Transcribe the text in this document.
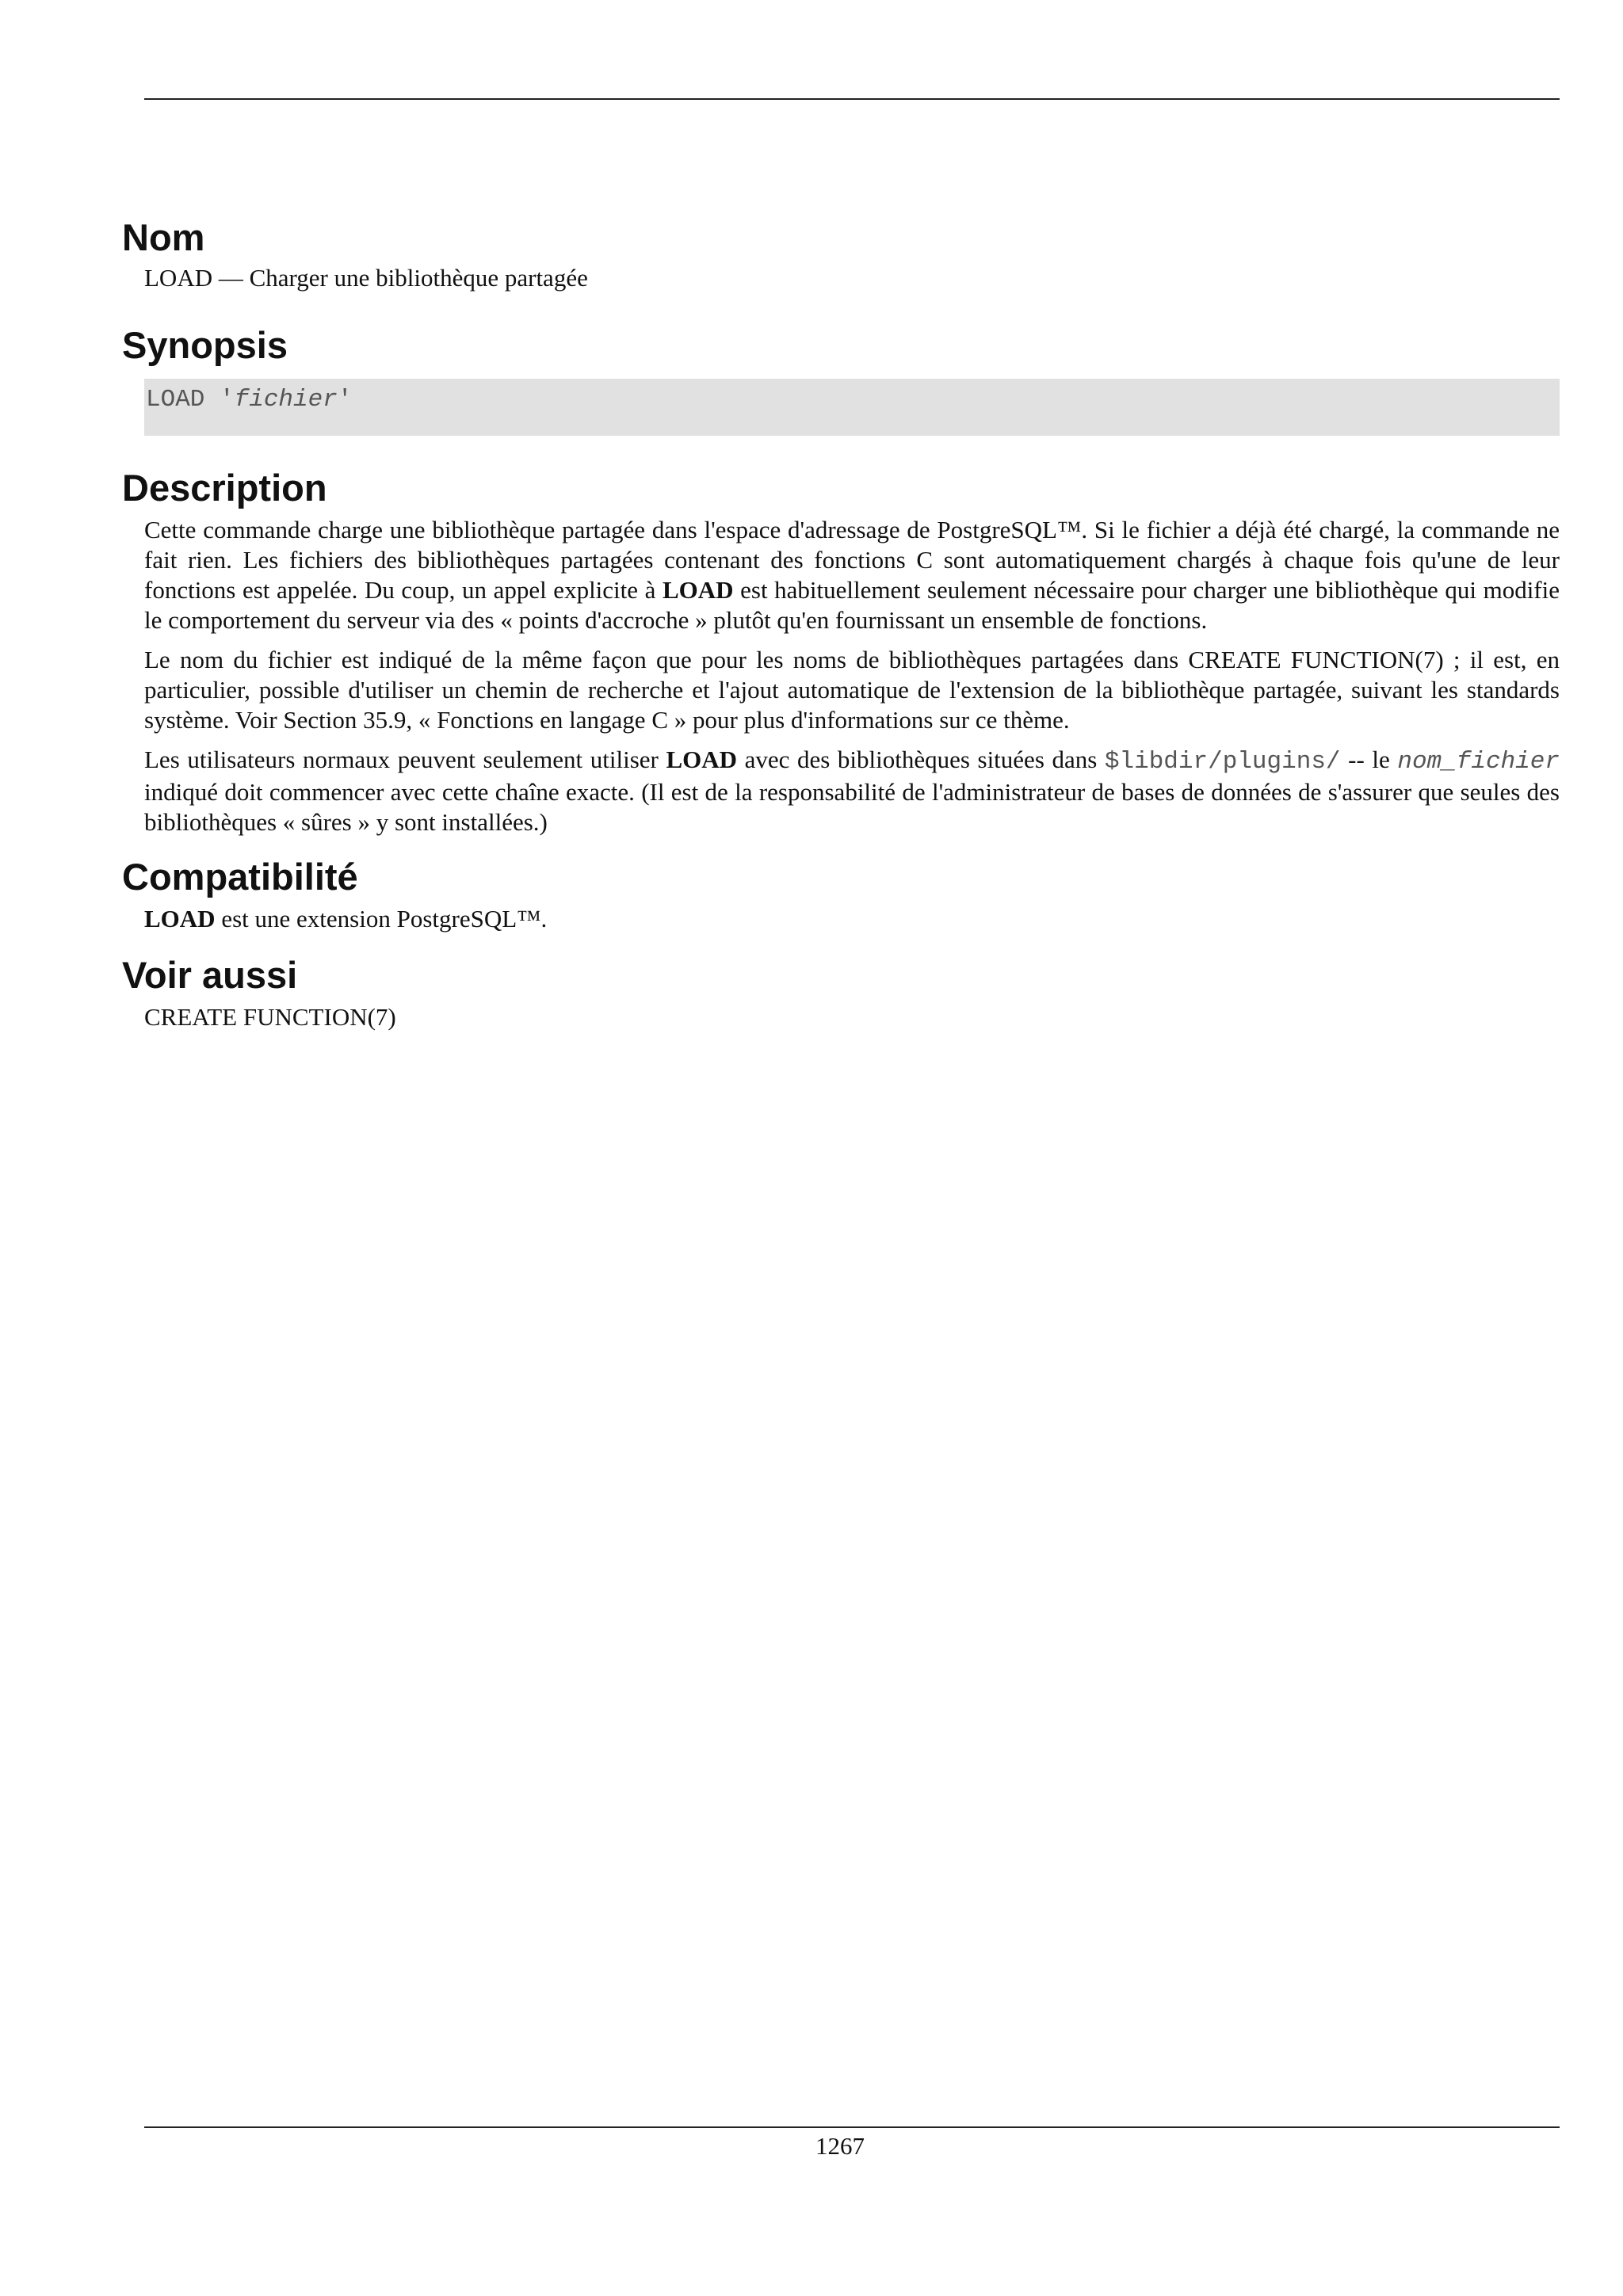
Nom
LOAD — Charger une bibliothèque partagée
Synopsis
LOAD 'fichier'
Description

Cette commande charge une bibliothèque partagée dans l'espace d'adressage de PostgreSQL™. Si le fichier a déjà été chargé, la commande ne fait rien. Les fichiers des bibliothèques partagées contenant des fonctions C sont automatiquement chargés à chaque fois qu'une de leur fonctions est appelée. Du coup, un appel explicite à LOAD est habituellement seulement nécessaire pour charger une bibliothèque qui modifie le comportement du serveur via des « points d'accroche » plutôt qu'en fournissant un ensemble de fonctions.

Le nom du fichier est indiqué de la même façon que pour les noms de bibliothèques partagées dans CREATE FUNCTION(7) ; il est, en particulier, possible d'utiliser un chemin de recherche et l'ajout automatique de l'extension de la bibliothèque partagée, suivant les standards système. Voir Section 35.9, « Fonctions en langage C » pour plus d'informations sur ce thème.

Les utilisateurs normaux peuvent seulement utiliser LOAD avec des bibliothèques situées dans $libdir/plugins/ -- le nom_fichier indiqué doit commencer avec cette chaîne exacte. (Il est de la responsabilité de l'administrateur de bases de données de s'assurer que seules des bibliothèques « sûres » y sont installées.)

Compatibilité

LOAD est une extension PostgreSQL™.

Voir aussi

CREATE FUNCTION(7)

1267
